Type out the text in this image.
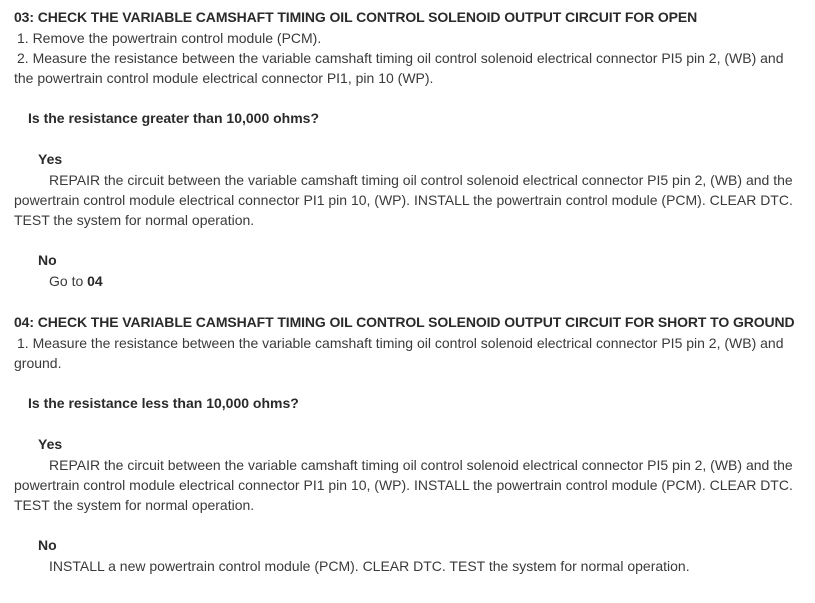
03: CHECK THE VARIABLE CAMSHAFT TIMING OIL CONTROL SOLENOID OUTPUT CIRCUIT FOR OPEN
1. Remove the powertrain control module (PCM).
2. Measure the resistance between the variable camshaft timing oil control solenoid electrical connector PI5 pin 2, (WB) and the powertrain control module electrical connector PI1, pin 10 (WP).
Is the resistance greater than 10,000 ohms?
Yes
REPAIR the circuit between the variable camshaft timing oil control solenoid electrical connector PI5 pin 2, (WB) and the powertrain control module electrical connector PI1 pin 10, (WP). INSTALL the powertrain control module (PCM). CLEAR DTC. TEST the system for normal operation.
No
Go to 04
04: CHECK THE VARIABLE CAMSHAFT TIMING OIL CONTROL SOLENOID OUTPUT CIRCUIT FOR SHORT TO GROUND
1. Measure the resistance between the variable camshaft timing oil control solenoid electrical connector PI5 pin 2, (WB) and ground.
Is the resistance less than 10,000 ohms?
Yes
REPAIR the circuit between the variable camshaft timing oil control solenoid electrical connector PI5 pin 2, (WB) and the powertrain control module electrical connector PI1 pin 10, (WP). INSTALL the powertrain control module (PCM). CLEAR DTC. TEST the system for normal operation.
No
INSTALL a new powertrain control module (PCM). CLEAR DTC. TEST the system for normal operation.
